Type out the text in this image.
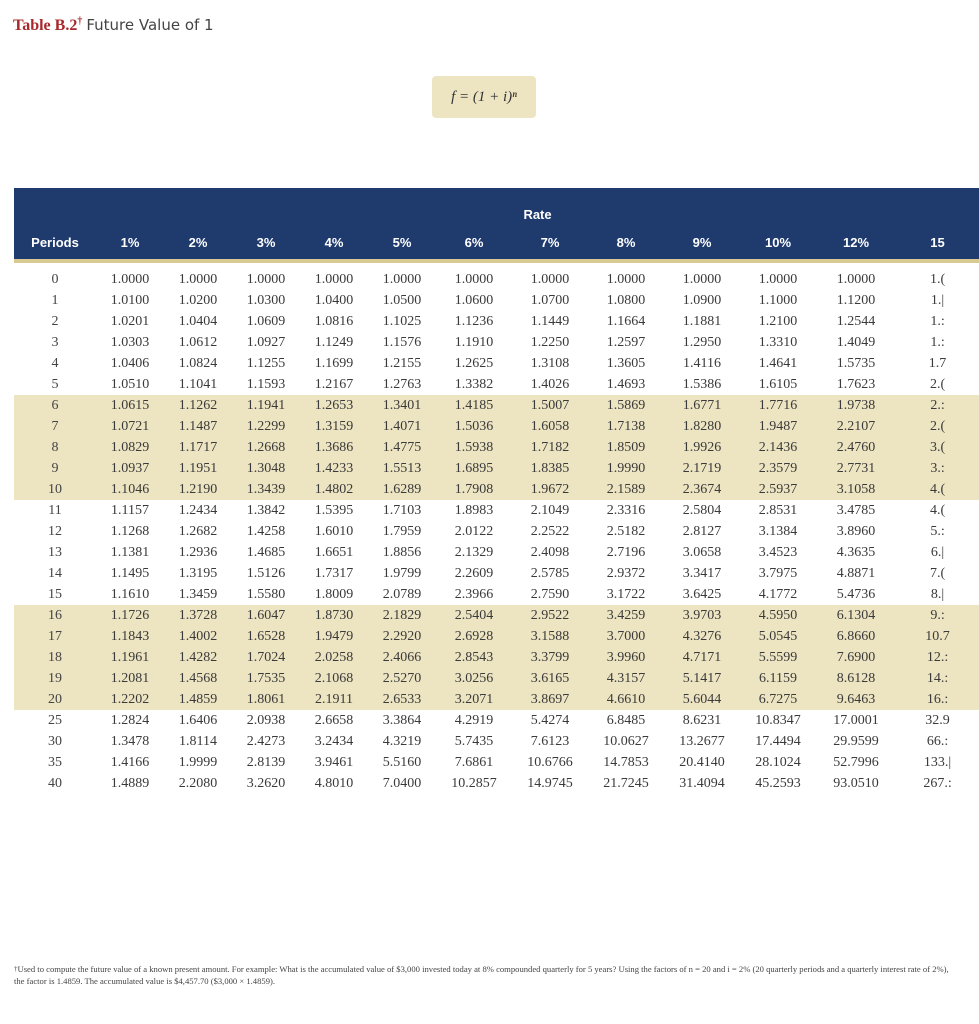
Table B.2† Future Value of 1
f = (1 + i)ⁿ
	Rate											
Periods	1%	2%	3%	4%	5%	6%	7%	8%	9%	10%	12%	15
0	1.0000	1.0000	1.0000	1.0000	1.0000	1.0000	1.0000	1.0000	1.0000	1.0000	1.0000	1.(
1	1.0100	1.0200	1.0300	1.0400	1.0500	1.0600	1.0700	1.0800	1.0900	1.1000	1.1200	1.|
2	1.0201	1.0404	1.0609	1.0816	1.1025	1.1236	1.1449	1.1664	1.1881	1.2100	1.2544	1.:
3	1.0303	1.0612	1.0927	1.1249	1.1576	1.1910	1.2250	1.2597	1.2950	1.3310	1.4049	1.:
4	1.0406	1.0824	1.1255	1.1699	1.2155	1.2625	1.3108	1.3605	1.4116	1.4641	1.5735	1.7
5	1.0510	1.1041	1.1593	1.2167	1.2763	1.3382	1.4026	1.4693	1.5386	1.6105	1.7623	2.(
6	1.0615	1.1262	1.1941	1.2653	1.3401	1.4185	1.5007	1.5869	1.6771	1.7716	1.9738	2.:
7	1.0721	1.1487	1.2299	1.3159	1.4071	1.5036	1.6058	1.7138	1.8280	1.9487	2.2107	2.(
8	1.0829	1.1717	1.2668	1.3686	1.4775	1.5938	1.7182	1.8509	1.9926	2.1436	2.4760	3.(
9	1.0937	1.1951	1.3048	1.4233	1.5513	1.6895	1.8385	1.9990	2.1719	2.3579	2.7731	3.:
10	1.1046	1.2190	1.3439	1.4802	1.6289	1.7908	1.9672	2.1589	2.3674	2.5937	3.1058	4.(
11	1.1157	1.2434	1.3842	1.5395	1.7103	1.8983	2.1049	2.3316	2.5804	2.8531	3.4785	4.(
12	1.1268	1.2682	1.4258	1.6010	1.7959	2.0122	2.2522	2.5182	2.8127	3.1384	3.8960	5.:
13	1.1381	1.2936	1.4685	1.6651	1.8856	2.1329	2.4098	2.7196	3.0658	3.4523	4.3635	6.|
14	1.1495	1.3195	1.5126	1.7317	1.9799	2.2609	2.5785	2.9372	3.3417	3.7975	4.8871	7.(
15	1.1610	1.3459	1.5580	1.8009	2.0789	2.3966	2.7590	3.1722	3.6425	4.1772	5.4736	8.|
16	1.1726	1.3728	1.6047	1.8730	2.1829	2.5404	2.9522	3.4259	3.9703	4.5950	6.1304	9.:
17	1.1843	1.4002	1.6528	1.9479	2.2920	2.6928	3.1588	3.7000	4.3276	5.0545	6.8660	10.7
18	1.1961	1.4282	1.7024	2.0258	2.4066	2.8543	3.3799	3.9960	4.7171	5.5599	7.6900	12.:
19	1.2081	1.4568	1.7535	2.1068	2.5270	3.0256	3.6165	4.3157	5.1417	6.1159	8.6128	14.:
20	1.2202	1.4859	1.8061	2.1911	2.6533	3.2071	3.8697	4.6610	5.6044	6.7275	9.6463	16.:
25	1.2824	1.6406	2.0938	2.6658	3.3864	4.2919	5.4274	6.8485	8.6231	10.8347	17.0001	32.9
30	1.3478	1.8114	2.4273	3.2434	4.3219	5.7435	7.6123	10.0627	13.2677	17.4494	29.9599	66.:
35	1.4166	1.9999	2.8139	3.9461	5.5160	7.6861	10.6766	14.7853	20.4140	28.1024	52.7996	133.|
40	1.4889	2.2080	3.2620	4.8010	7.0400	10.2857	14.9745	21.7245	31.4094	45.2593	93.0510	267.:

†Used to compute the future value of a known present amount. For example: What is the accumulated value of $3,000 invested today at 8% compounded quarterly for 5 years? Using the factors of n = 20 and i = 2% (20 quarterly periods and a quarterly interest rate of 2%), the factor is 1.4859. The accumulated value is $4,457.70 ($3,000 × 1.4859).
